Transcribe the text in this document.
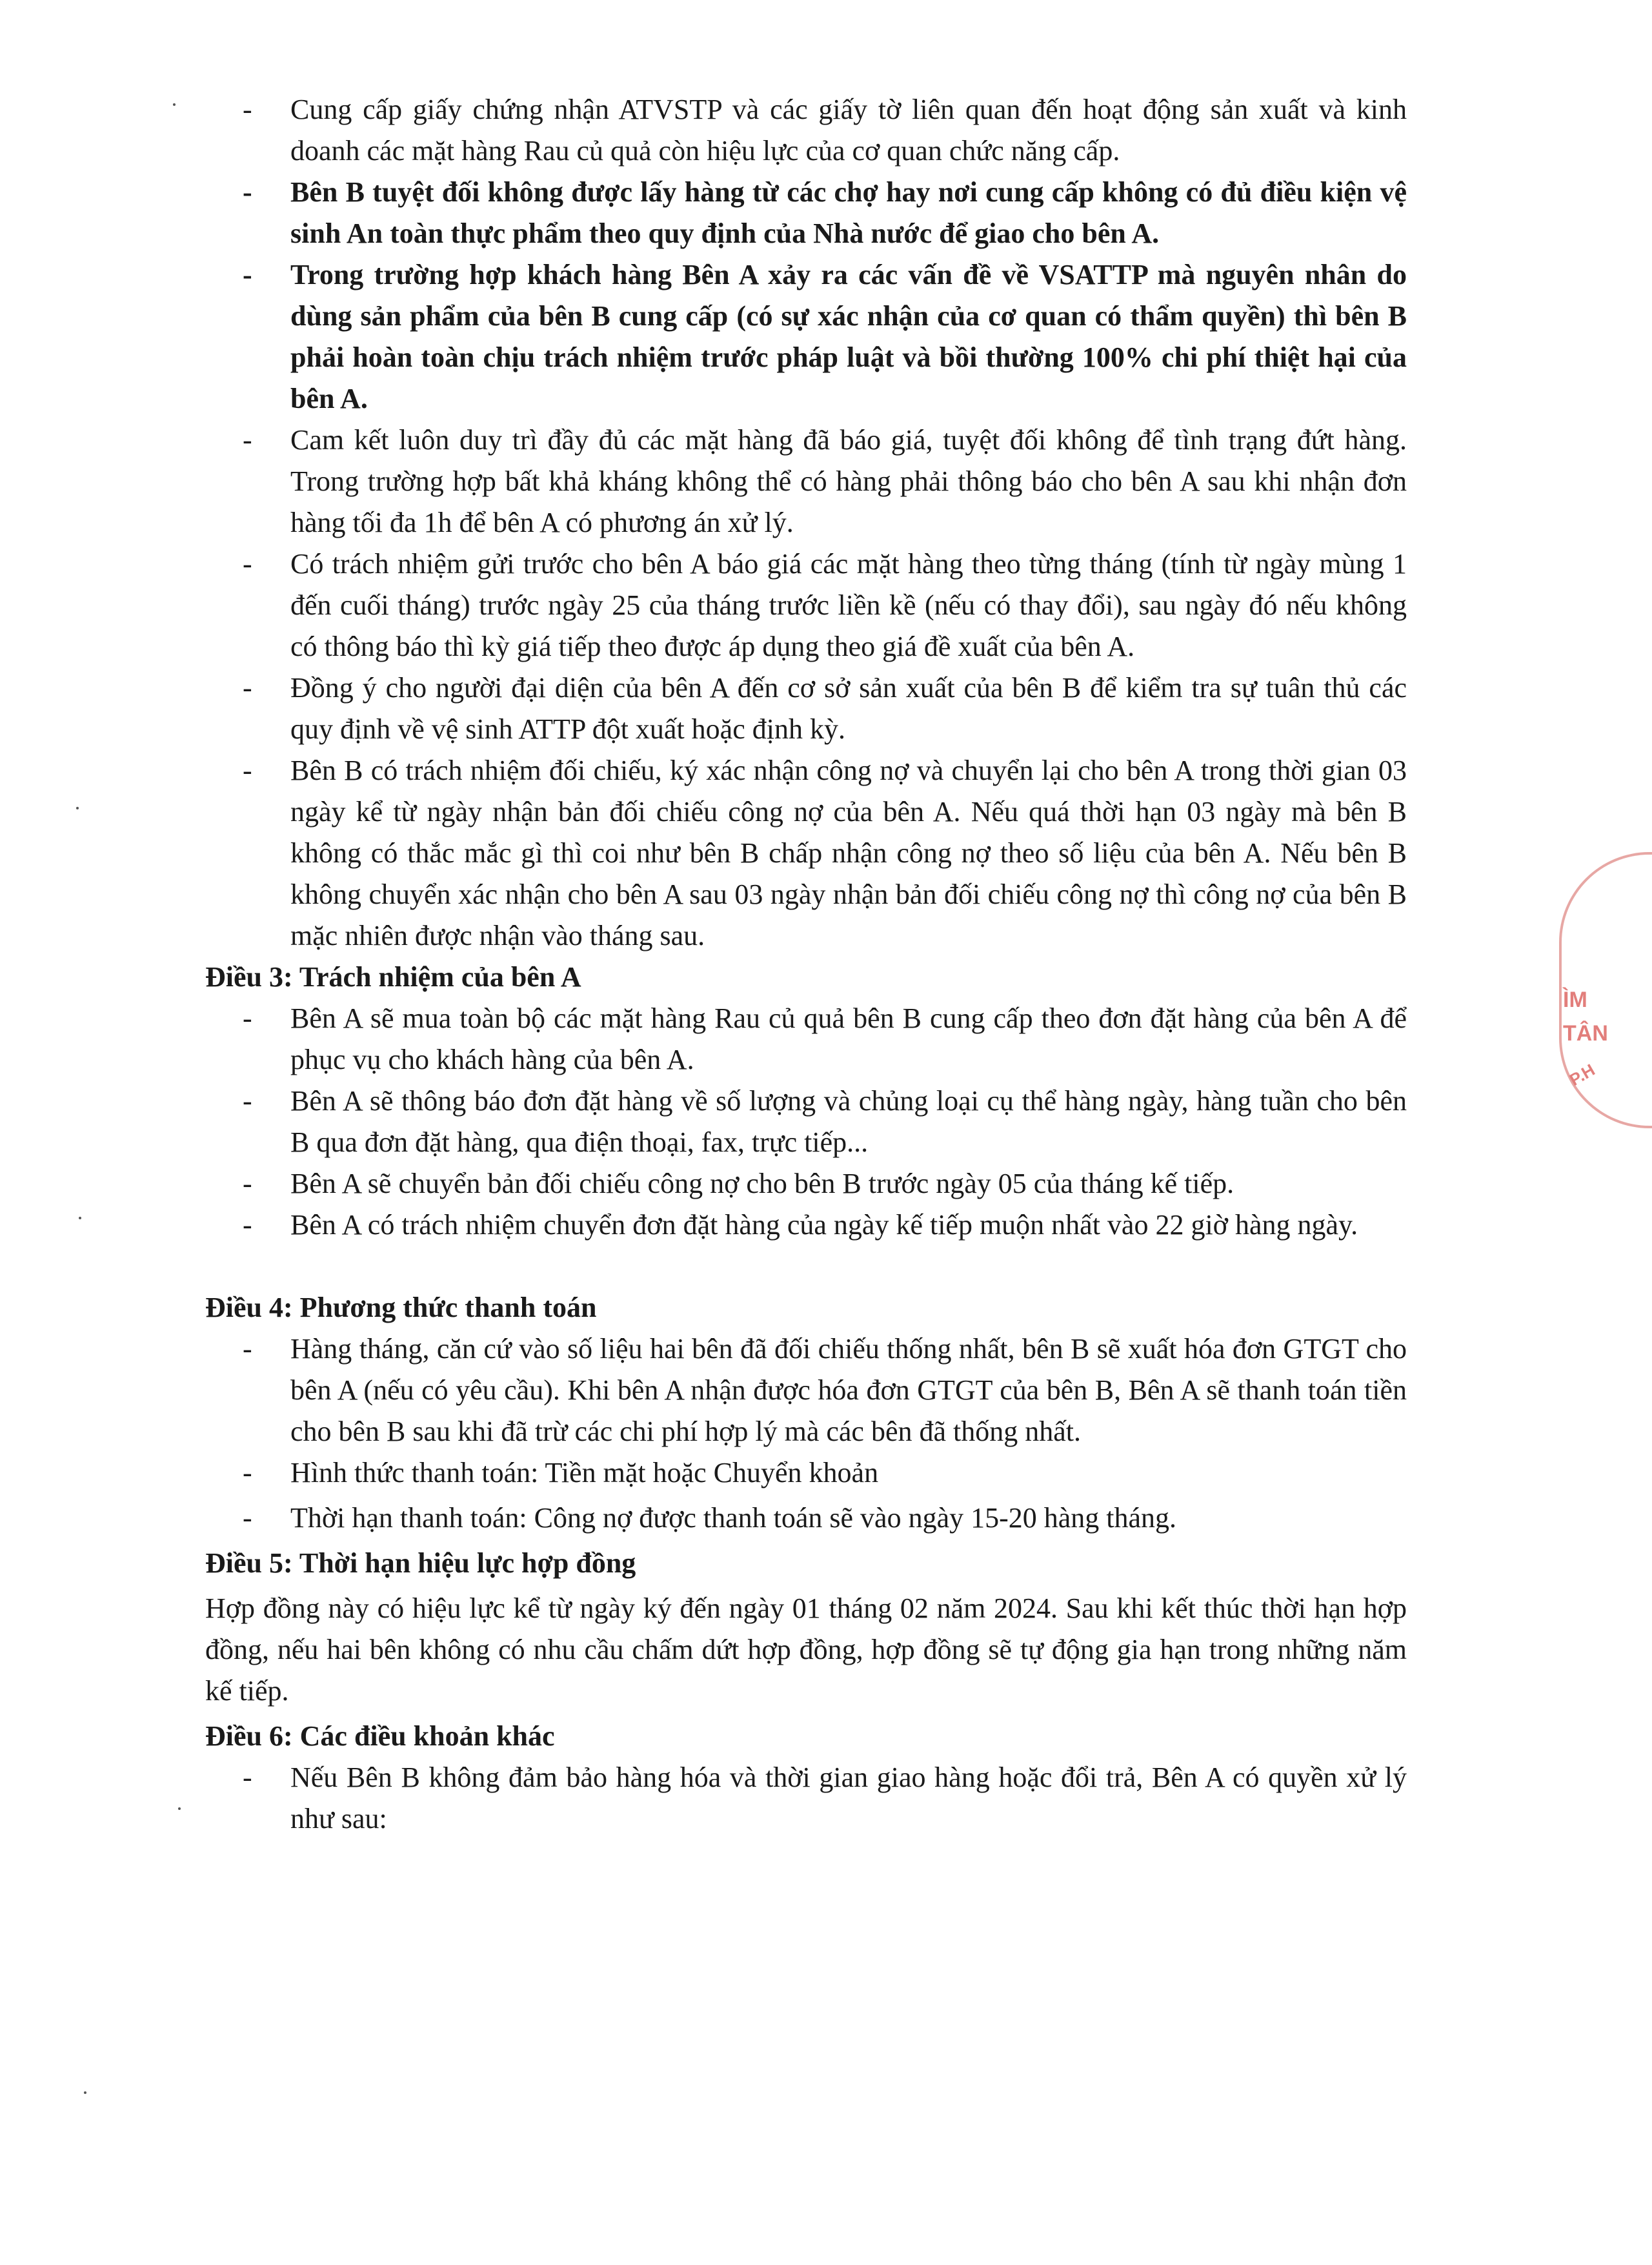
- Cung cấp giấy chứng nhận ATVSTP và các giấy tờ liên quan đến hoạt động sản xuất và kinh doanh các mặt hàng Rau củ quả còn hiệu lực của cơ quan chức năng cấp.

- Bên B tuyệt đối không được lấy hàng từ các chợ hay nơi cung cấp không có đủ điều kiện vệ sinh An toàn thực phẩm theo quy định của Nhà nước để giao cho bên A.

- Trong trường hợp khách hàng Bên A xảy ra các vấn đề về VSATTP mà nguyên nhân do dùng sản phẩm của bên B cung cấp (có sự xác nhận của cơ quan có thẩm quyền) thì bên B phải hoàn toàn chịu trách nhiệm trước pháp luật và bồi thường 100% chi phí thiệt hại của bên A.

- Cam kết luôn duy trì đầy đủ các mặt hàng đã báo giá, tuyệt đối không để tình trạng đứt hàng. Trong trường hợp bất khả kháng không thể có hàng phải thông báo cho bên A sau khi nhận đơn hàng tối đa 1h để bên A có phương án xử lý.

- Có trách nhiệm gửi trước cho bên A báo giá các mặt hàng theo từng tháng (tính từ ngày mùng 1 đến cuối tháng) trước ngày 25 của tháng trước liền kề (nếu có thay đổi), sau ngày đó nếu không có thông báo thì kỳ giá tiếp theo được áp dụng theo giá đề xuất của bên A.

- Đồng ý cho người đại diện của bên A đến cơ sở sản xuất của bên B để kiểm tra sự tuân thủ các quy định về vệ sinh ATTP đột xuất hoặc định kỳ.

- Bên B có trách nhiệm đối chiếu, ký xác nhận công nợ và chuyển lại cho bên A trong thời gian 03 ngày kể từ ngày nhận bản đối chiếu công nợ của bên A. Nếu quá thời hạn 03 ngày mà bên B không có thắc mắc gì thì coi như bên B chấp nhận công nợ theo số liệu của bên A. Nếu bên B không chuyển xác nhận cho bên A sau 03 ngày nhận bản đối chiếu công nợ thì công nợ của bên B mặc nhiên được nhận vào tháng sau.

Điều 3: Trách nhiệm của bên A

- Bên A sẽ mua toàn bộ các mặt hàng Rau củ quả bên B cung cấp theo đơn đặt hàng của bên A để phục vụ cho khách hàng của bên A.

- Bên A sẽ thông báo đơn đặt hàng về số lượng và chủng loại cụ thể hàng ngày, hàng tuần cho bên B qua đơn đặt hàng, qua điện thoại, fax, trực tiếp...

- Bên A sẽ chuyển bản đối chiếu công nợ cho bên B trước ngày 05 của tháng kế tiếp.

- Bên A có trách nhiệm chuyển đơn đặt hàng của ngày kế tiếp muộn nhất vào 22 giờ hàng ngày.

Điều 4: Phương thức thanh toán

- Hàng tháng, căn cứ vào số liệu hai bên đã đối chiếu thống nhất, bên B sẽ xuất hóa đơn GTGT cho bên A (nếu có yêu cầu). Khi bên A nhận được hóa đơn GTGT của bên B, Bên A sẽ thanh toán tiền cho bên B sau khi đã trừ các chi phí hợp lý mà các bên đã thống nhất.

- Hình thức thanh toán: Tiền mặt hoặc Chuyển khoản

- Thời hạn thanh toán: Công nợ được thanh toán sẽ vào ngày 15-20 hàng tháng.

Điều 5: Thời hạn hiệu lực hợp đồng

Hợp đồng này có hiệu lực kể từ ngày ký đến ngày 01 tháng 02 năm 2024. Sau khi kết thúc thời hạn hợp đồng, nếu hai bên không có nhu cầu chấm dứt hợp đồng, hợp đồng sẽ tự động gia hạn trong những năm kế tiếp.

Điều 6: Các điều khoản khác

- Nếu Bên B không đảm bảo hàng hóa và thời gian giao hàng hoặc đổi trả, Bên A có quyền xử lý như sau:

ÌM
TÂN
P.H
